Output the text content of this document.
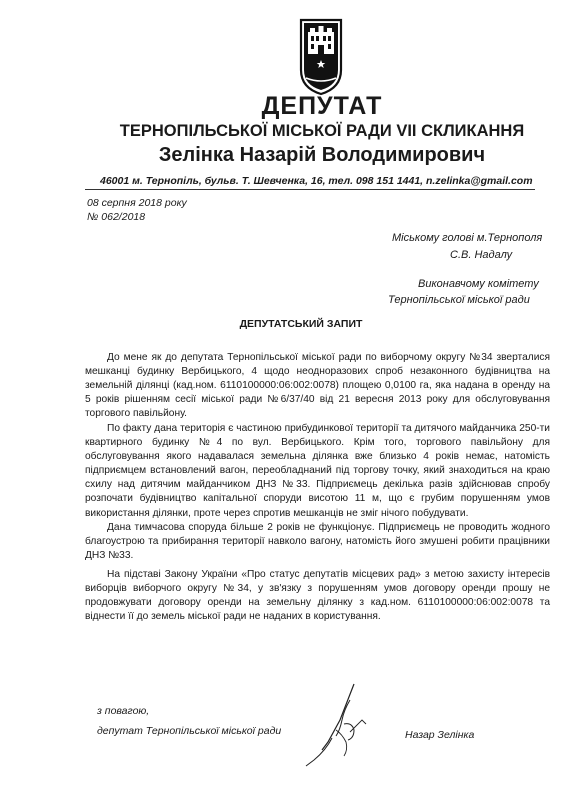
ДЕПУТАТ
ТЕРНОПІЛЬСЬКОЇ МІСЬКОЇ РАДИ VII СКЛИКАННЯ
Зелінка Назарій Володимирович
46001 м. Тернопіль, бульв. Т. Шевченка, 16, тел. 098 151 1441, n.zelinka@gmail.com
08 серпня 2018 року
№ 062/2018
Міському голові м.Тернополя
С.В. Надалу
Виконавчому комітету
Тернопільської міської ради
ДЕПУТАТСЬКИЙ ЗАПИТ
До мене як до депутата Тернопільської міської ради по виборчому округу №34 зверталися мешканці будинку Вербицького, 4 щодо неодноразових спроб незаконного будівництва на земельній ділянці (кад.ном. 6110100000:06:002:0078) площею 0,0100 га, яка надана в оренду на 5 років рішенням сесії міської ради №6/37/40 від 21 вересня 2013 року для обслуговування торгового павільйону.
По факту дана територія є частиною прибудинкової території та дитячого майданчика 250-ти квартирного будинку №4 по вул. Вербицького. Крім того, торгового павільйону для обслуговування якого надавалася земельна ділянка вже близько 4 років немає, натомість підприємцем встановлений вагон, переобладнаний під торгову точку, який знаходиться на краю схилу над дитячим майданчиком ДНЗ №33. Підприємець декілька разів здійснював спробу розпочати будівництво капітальної споруди висотою 11 м, що є грубим порушенням умов використання ділянки, проте через спротив мешканців не зміг нічого побудувати.
Дана тимчасова споруда більше 2 років не функціонує. Підприємець не проводить жодного благоустрою та прибирання території навколо вагону, натомість його змушені робити працівники ДНЗ №33.
На підставі Закону України «Про статус депутатів місцевих рад» з метою захисту інтересів виборців виборчого округу №34, у зв'язку з порушенням умов договору оренди прошу не продовжувати договору оренди на земельну ділянку з кад.ном. 6110100000:06:002:0078 та віднести її до земель міської ради не наданих в користування.
з повагою,
депутат Тернопільської міської ради	Назар Зелінка
